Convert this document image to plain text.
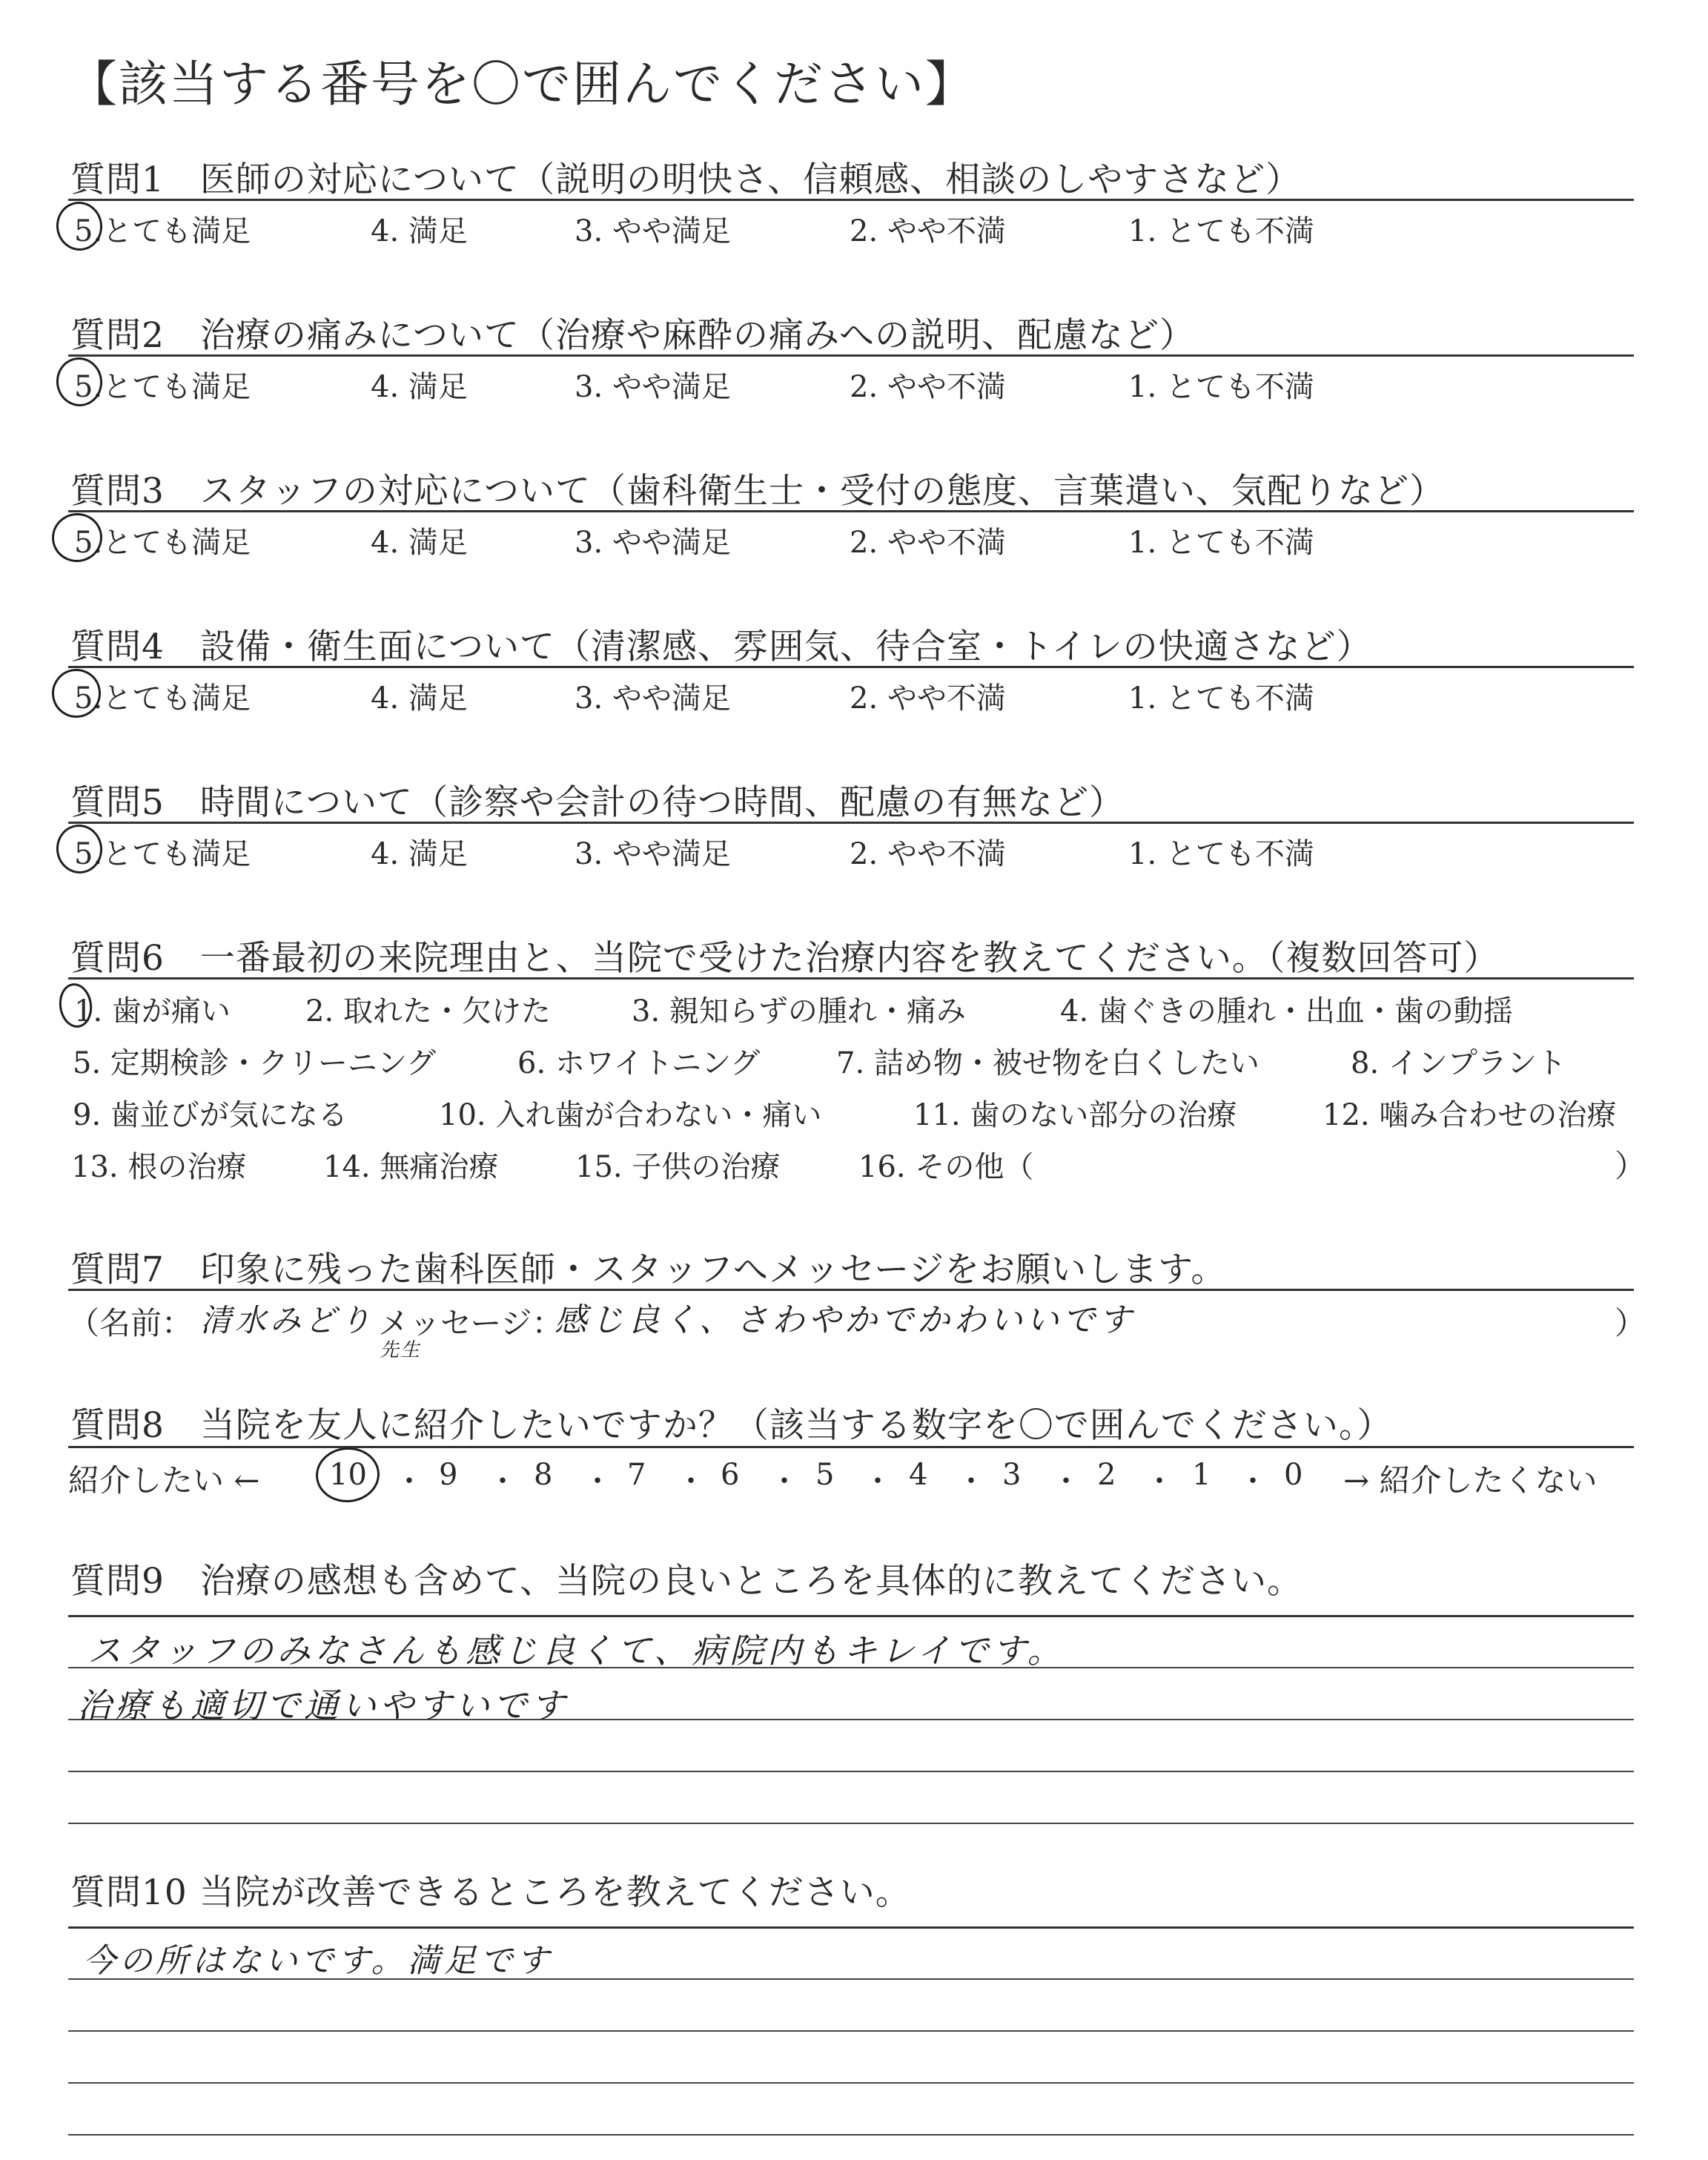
【該当する番号を〇で囲んでください】
質問1　医師の対応について（説明の明快さ、信頼感、相談のしやすさなど）
5.とても満足	4. 満足	3. やや満足	2. やや不満	1. とても不満
質問2　治療の痛みについて（治療や麻酔の痛みへの説明、配慮など）
5.とても満足	4. 満足	3. やや満足	2. やや不満	1. とても不満
質問3　スタッフの対応について（歯科衛生士・受付の態度、言葉遣い、気配りなど）
5.とても満足	4. 満足	3. やや満足	2. やや不満	1. とても不満
質問4　設備・衛生面について（清潔感、雰囲気、待合室・トイレの快適さなど）
5.とても満足	4. 満足	3. やや満足	2. やや不満	1. とても不満
質問5　時間について（診察や会計の待つ時間、配慮の有無など）
5.とても満足	4. 満足	3. やや満足	2. やや不満	1. とても不満
質問6　一番最初の来院理由と、当院で受けた治療内容を教えてください。（複数回答可）
1. 歯が痛い	2. 取れた・欠けた	3. 親知らずの腫れ・痛み	4. 歯ぐきの腫れ・出血・歯の動揺
5. 定期検診・クリーニング	6. ホワイトニング	7. 詰め物・被せ物を白くしたい	8. インプラント
9. 歯並びが気になる	10. 入れ歯が合わない・痛い	11. 歯のない部分の治療	12. 噛み合わせの治療
13. 根の治療	14. 無痛治療	15. 子供の治療	16. その他（	）
質問7　印象に残った歯科医師・スタッフへメッセージをお願いします。
（名前： 清水みどり
先生
メッセージ：
感じ良く、さわやかでかわいいです	）
質問8　当院を友人に紹介したいですか？（該当する数字を〇で囲んでください。）
紹介したい ← 10 ・ 9 ・ 8 ・ 7 ・ 6 ・ 5 ・ 4 ・ 3 ・ 2 ・ 1 ・ 0 → 紹介したくない
質問9　治療の感想も含めて、当院の良いところを具体的に教えてください。
スタッフのみなさんも感じ良くて、病院内もキレイです。
治療も適切で通いやすいです
質問10 当院が改善できるところを教えてください。
今の所はないです。満足です
